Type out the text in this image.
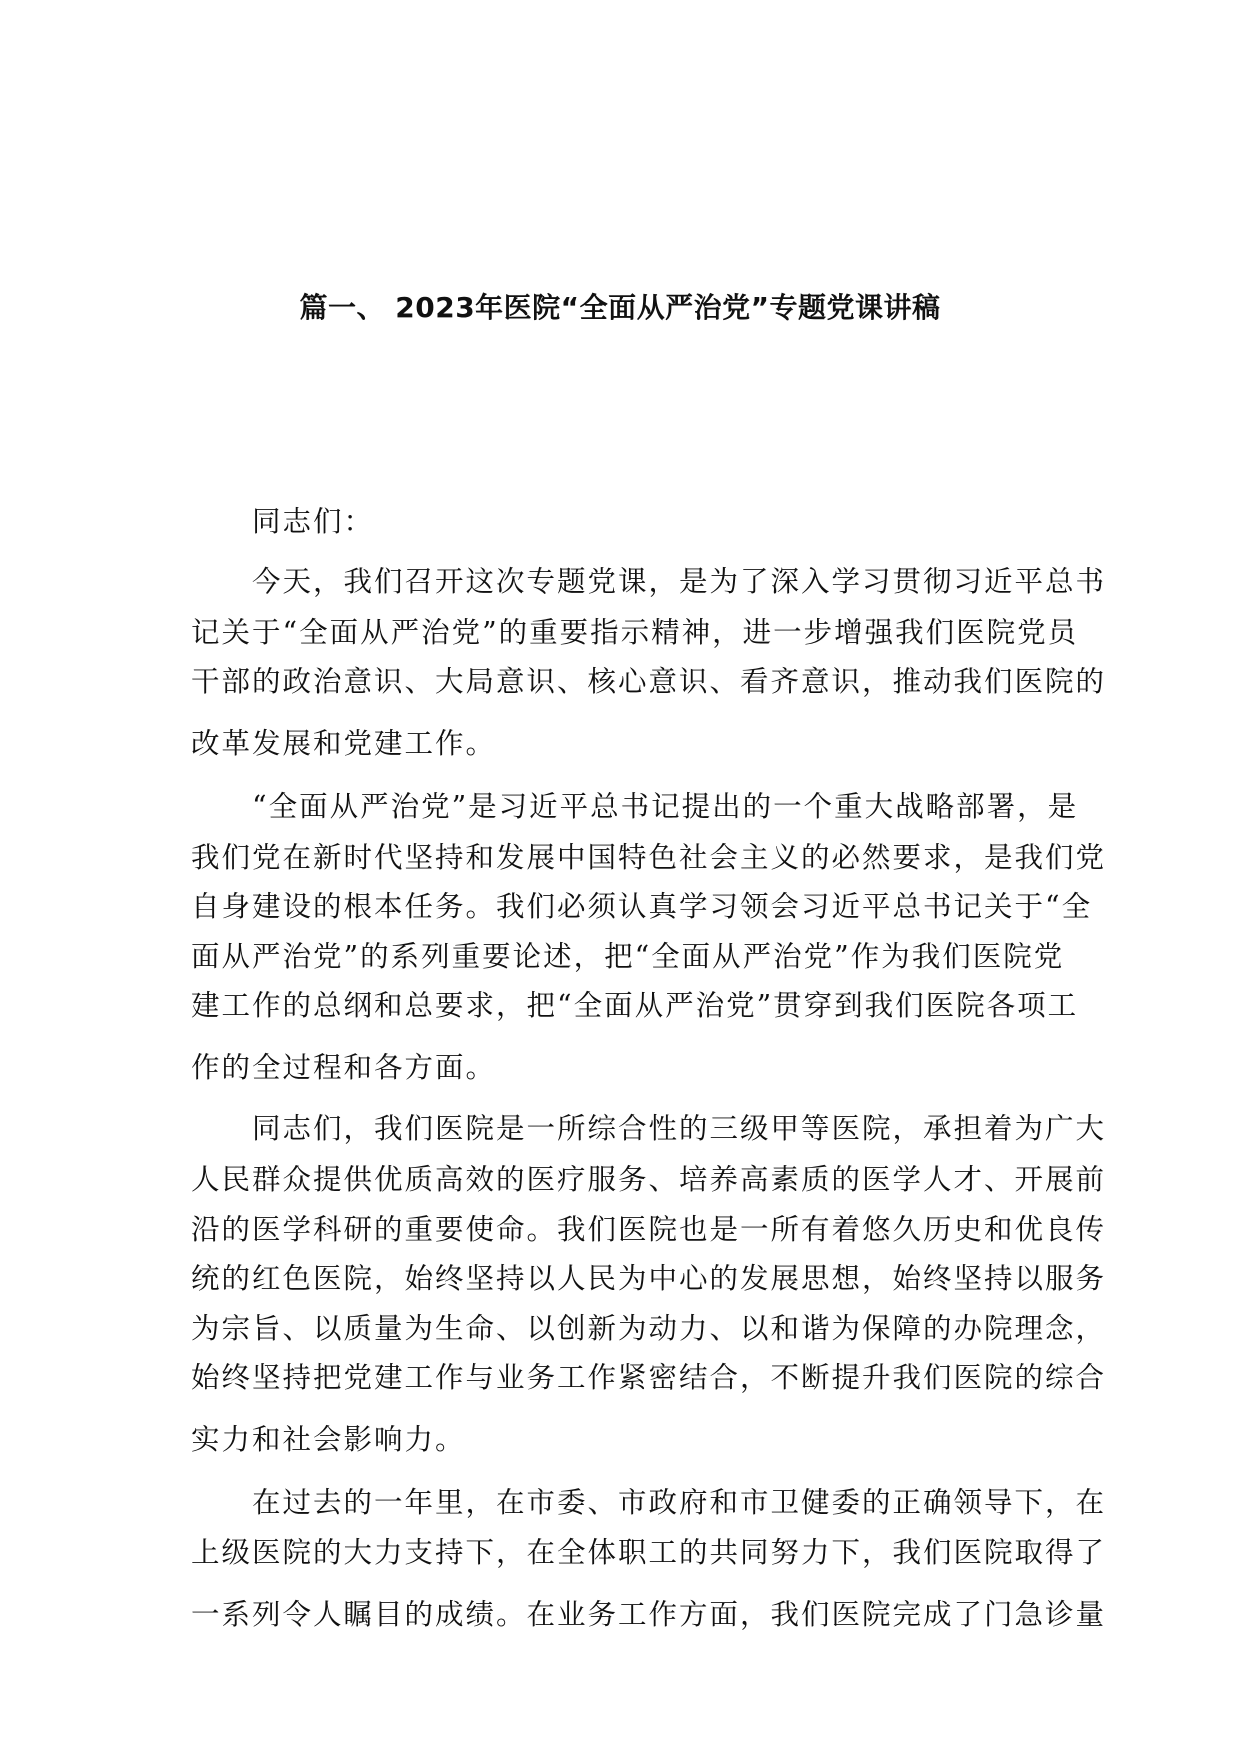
篇一、 2023年医院“全面从严治党”专题党课讲稿
同志们：
今天，我们召开这次专题党课，是为了深入学习贯彻习近平总书
记关于“全面从严治党”的重要指示精神，进一步增强我们医院党员
干部的政治意识、大局意识、核心意识、看齐意识，推动我们医院的
改革发展和党建工作。
“全面从严治党”是习近平总书记提出的一个重大战略部署，是
我们党在新时代坚持和发展中国特色社会主义的必然要求，是我们党
自身建设的根本任务。我们必须认真学习领会习近平总书记关于“全
面从严治党”的系列重要论述，把“全面从严治党”作为我们医院党
建工作的总纲和总要求，把“全面从严治党”贯穿到我们医院各项工
作的全过程和各方面。
同志们，我们医院是一所综合性的三级甲等医院，承担着为广大
人民群众提供优质高效的医疗服务、培养高素质的医学人才、开展前
沿的医学科研的重要使命。我们医院也是一所有着悠久历史和优良传
统的红色医院，始终坚持以人民为中心的发展思想，始终坚持以服务
为宗旨、以质量为生命、以创新为动力、以和谐为保障的办院理念，
始终坚持把党建工作与业务工作紧密结合，不断提升我们医院的综合
实力和社会影响力。
在过去的一年里，在市委、市政府和市卫健委的正确领导下，在
上级医院的大力支持下，在全体职工的共同努力下，我们医院取得了
一系列令人瞩目的成绩。在业务工作方面，我们医院完成了门急诊量
